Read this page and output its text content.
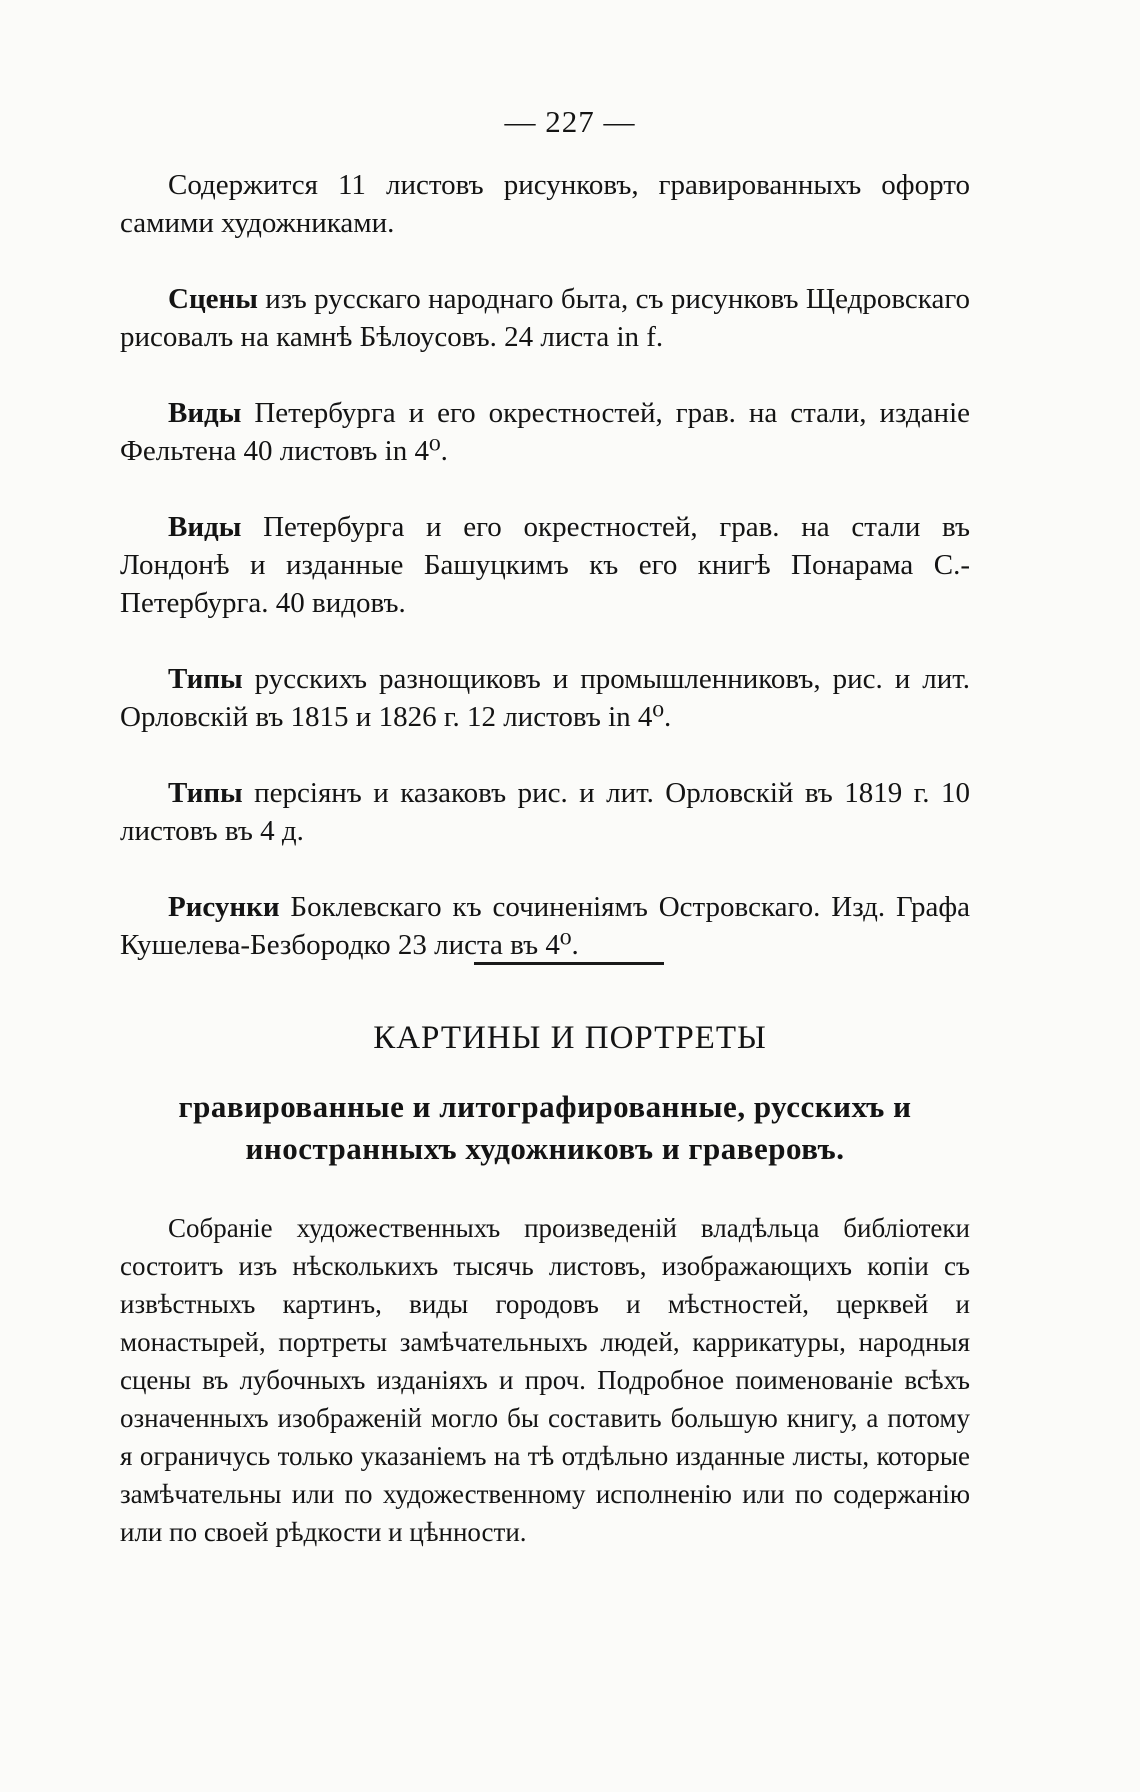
— 227 —

Содержится 11 листовъ рисунковъ, гравированныхъ офорто самими художниками.

Сцены изъ русскаго народнаго быта, съ рисунковъ Щедровскаго рисовалъ на камнѣ Бѣлоусовъ. 24 листа in f.

Виды Петербурга и его окрестностей, грав. на стали, изданіе Фельтена 40 листовъ in 4⁰.

Виды Петербурга и его окрестностей, грав. на стали въ Лондонѣ и изданные Башуцкимъ къ его книгѣ Понарама С.-Петербурга. 40 видовъ.

Типы русскихъ разнощиковъ и промышленниковъ, рис. и лит. Орловскій въ 1815 и 1826 г. 12 листовъ in 4⁰.

Типы персіянъ и казаковъ рис. и лит. Орловскій въ 1819 г. 10 листовъ въ 4 д.

Рисунки Боклевскаго къ сочиненіямъ Островскаго. Изд. Графа Кушелева-Безбородко 23 листа въ 4⁰.

КАРТИНЫ И ПОРТРЕТЫ
гравированные и литографированные, русскихъ и иностранныхъ художниковъ и граверовъ.

Собраніе художественныхъ произведеній владѣльца библіотеки состоитъ изъ нѣсколькихъ тысячь листовъ, изображающихъ копіи съ извѣстныхъ картинъ, виды городовъ и мѣстностей, церквей и монастырей, портреты замѣчательныхъ людей, каррикатуры, народныя сцены въ лубочныхъ изданіяхъ и проч. Подробное поименованіе всѣхъ означенныхъ изображеній могло бы составить большую книгу, а потому я ограничусь только указаніемъ на тѣ отдѣльно изданные листы, которые замѣчательны или по художественному исполненію или по содержанію или по своей рѣдкости и цѣнности.
